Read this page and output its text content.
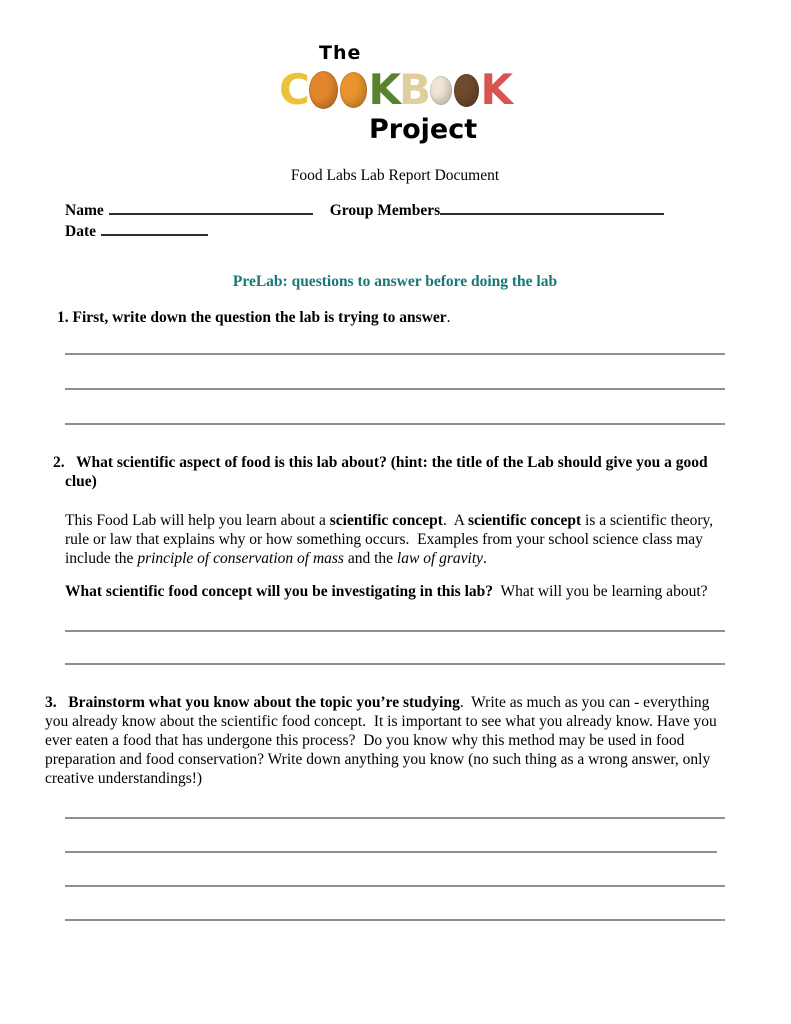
The
C K B K
Project
Food Labs Lab Report Document
Name	Group Members
Date
PreLab: questions to answer before doing the lab

1. First, write down the question the lab is trying to answer.

2.   What scientific aspect of food is this lab about? (hint: the title of the Lab should give you a good clue)

This Food Lab will help you learn about a scientific concept.  A scientific concept is a scientific theory, rule or law that explains why or how something occurs.  Examples from your school science class may include the principle of conservation of mass and the law of gravity.

What scientific food concept will you be investigating in this lab?  What will you be learning about?

3.   Brainstorm what you know about the topic you’re studying.  Write as much as you can - everything you already know about the scientific food concept.  It is important to see what you already know. Have you ever eaten a food that has undergone this process?  Do you know why this method may be used in food preparation and food conservation? Write down anything you know (no such thing as a wrong answer, only creative understandings!)
